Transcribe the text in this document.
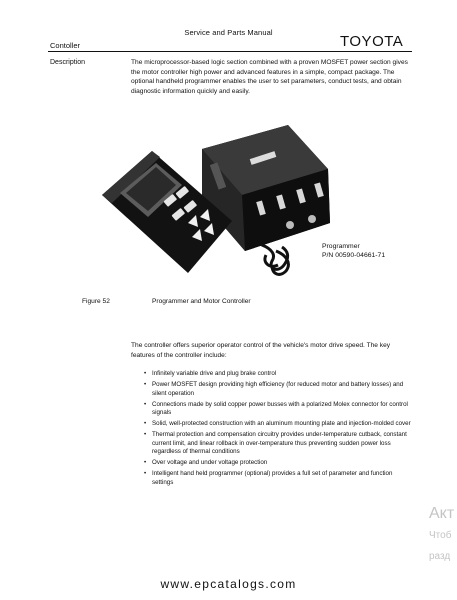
Service and Parts Manual
Contoller	TOYOTA
Description	The microprocessor-based logic section combined with a proven MOSFET power section gives the motor controller high power and advanced features in a simple, compact package. The optional handheld programmer enables the user to set parameters, conduct tests, and obtain diagnostic information quickly and easily.
Programmer
P/N 00590-04661-71
Figure 52	Programmer and Motor Controller
The controller offers superior operator control of the vehicle's motor drive speed. The key features of the controller include:
• Infinitely variable drive and plug brake control
• Power MOSFET design providing high efficiency (for reduced motor and battery losses) and silent operation
• Connections made by solid copper power busses with a polarized Molex connector for control signals
• Solid, well-protected construction with an aluminum mounting plate and injection-molded cover
• Thermal protection and compensation circuitry provides under-temperature cutback, constant current limit, and linear rollback in over-temperature thus preventing sudden power loss regardless of thermal conditions
• Over voltage and under voltage protection
• Intelligent hand held programmer (optional) provides a full set of parameter and function settings
Акт
Чтоб
разд
www.epcatalogs.com
